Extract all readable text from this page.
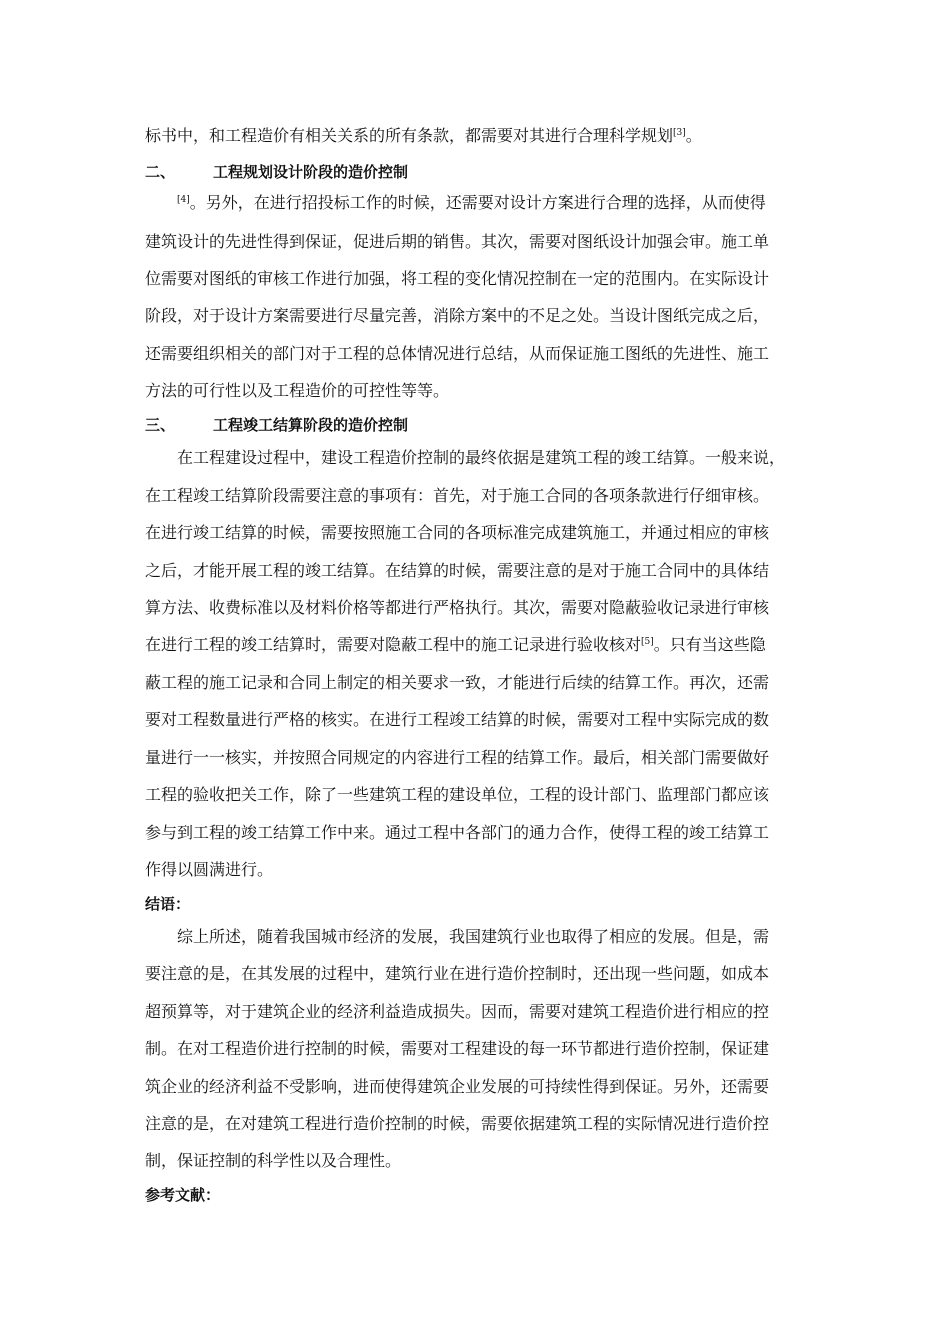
标书中，和工程造价有相关关系的所有条款，都需要对其进行合理科学规划[3]。
二、	工程规划设计阶段的造价控制
[4]。另外，在进行招投标工作的时候，还需要对设计方案进行合理的选择，从而使得
建筑设计的先进性得到保证，促进后期的销售。其次，需要对图纸设计加强会审。施工单
位需要对图纸的审核工作进行加强，将工程的变化情况控制在一定的范围内。在实际设计
阶段，对于设计方案需要进行尽量完善，消除方案中的不足之处。当设计图纸完成之后，
还需要组织相关的部门对于工程的总体情况进行总结，从而保证施工图纸的先进性、施工
方法的可行性以及工程造价的可控性等等。
三、	工程竣工结算阶段的造价控制
在工程建设过程中，建设工程造价控制的最终依据是建筑工程的竣工结算。一般来说，
在工程竣工结算阶段需要注意的事项有：首先，对于施工合同的各项条款进行仔细审核。
在进行竣工结算的时候，需要按照施工合同的各项标准完成建筑施工，并通过相应的审核
之后，才能开展工程的竣工结算。在结算的时候，需要注意的是对于施工合同中的具体结
算方法、收费标准以及材料价格等都进行严格执行。其次，需要对隐蔽验收记录进行审核
在进行工程的竣工结算时，需要对隐蔽工程中的施工记录进行验收核对[5]。只有当这些隐
蔽工程的施工记录和合同上制定的相关要求一致，才能进行后续的结算工作。再次，还需
要对工程数量进行严格的核实。在进行工程竣工结算的时候，需要对工程中实际完成的数
量进行一一核实，并按照合同规定的内容进行工程的结算工作。最后，相关部门需要做好
工程的验收把关工作，除了一些建筑工程的建设单位，工程的设计部门、监理部门都应该
参与到工程的竣工结算工作中来。通过工程中各部门的通力合作，使得工程的竣工结算工
作得以圆满进行。
结语：
综上所述，随着我国城市经济的发展，我国建筑行业也取得了相应的发展。但是，需
要注意的是，在其发展的过程中，建筑行业在进行造价控制时，还出现一些问题，如成本
超预算等，对于建筑企业的经济利益造成损失。因而，需要对建筑工程造价进行相应的控
制。在对工程造价进行控制的时候，需要对工程建设的每一环节都进行造价控制，保证建
筑企业的经济利益不受影响，进而使得建筑企业发展的可持续性得到保证。另外，还需要
注意的是，在对建筑工程进行造价控制的时候，需要依据建筑工程的实际情况进行造价控
制，保证控制的科学性以及合理性。
参考文献：
